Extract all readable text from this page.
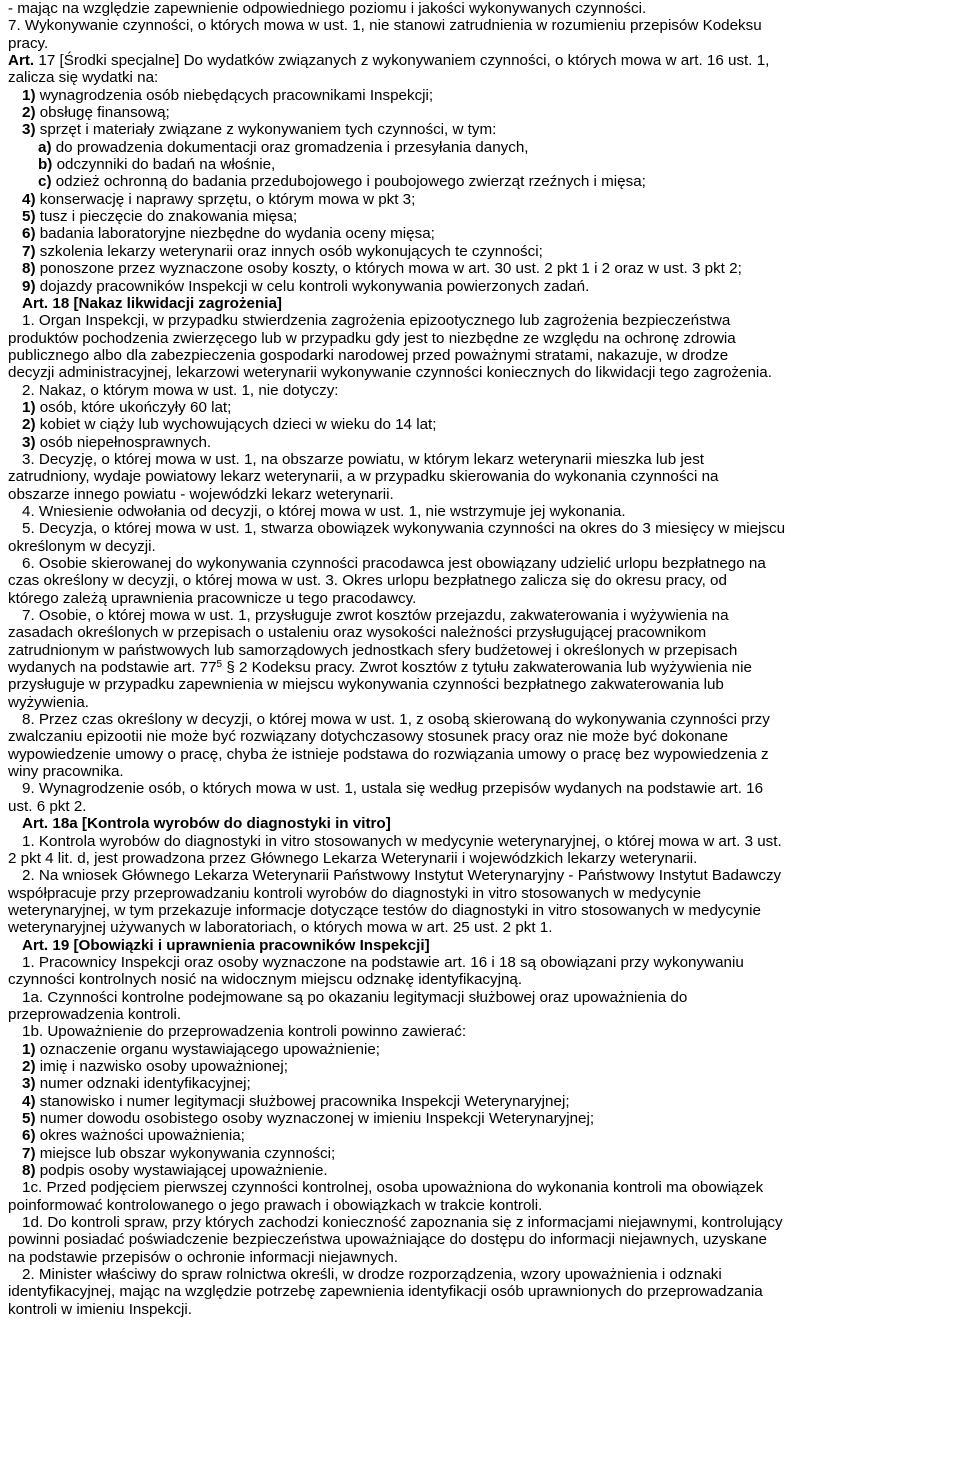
- mając na względzie zapewnienie odpowiedniego poziomu i jakości wykonywanych czynności.
7. Wykonywanie czynności, o których mowa w ust. 1, nie stanowi zatrudnienia w rozumieniu przepisów Kodeksu
pracy.
Art. 17 [Środki specjalne] Do wydatków związanych z wykonywaniem czynności, o których mowa w art. 16 ust. 1,
zalicza się wydatki na:
1) wynagrodzenia osób niebędących pracownikami Inspekcji;
2) obsługę finansową;
3) sprzęt i materiały związane z wykonywaniem tych czynności, w tym:
a) do prowadzenia dokumentacji oraz gromadzenia i przesyłania danych,
b) odczynniki do badań na włośnie,
c) odzież ochronną do badania przedubojowego i poubojowego zwierząt rzeźnych i mięsa;
4) konserwację i naprawy sprzętu, o którym mowa w pkt 3;
5) tusz i pieczęcie do znakowania mięsa;
6) badania laboratoryjne niezbędne do wydania oceny mięsa;
7) szkolenia lekarzy weterynarii oraz innych osób wykonujących te czynności;
8) ponoszone przez wyznaczone osoby koszty, o których mowa w art. 30 ust. 2 pkt 1 i 2 oraz w ust. 3 pkt 2;
9) dojazdy pracowników Inspekcji w celu kontroli wykonywania powierzonych zadań.
Art. 18 [Nakaz likwidacji zagrożenia]
1. Organ Inspekcji, w przypadku stwierdzenia zagrożenia epizootycznego lub zagrożenia bezpieczeństwa
produktów pochodzenia zwierzęcego lub w przypadku gdy jest to niezbędne ze względu na ochronę zdrowia
publicznego albo dla zabezpieczenia gospodarki narodowej przed poważnymi stratami, nakazuje, w drodze
decyzji administracyjnej, lekarzowi weterynarii wykonywanie czynności koniecznych do likwidacji tego zagrożenia.
2. Nakaz, o którym mowa w ust. 1, nie dotyczy:
1) osób, które ukończyły 60 lat;
2) kobiet w ciąży lub wychowujących dzieci w wieku do 14 lat;
3) osób niepełnosprawnych.
3. Decyzję, o której mowa w ust. 1, na obszarze powiatu, w którym lekarz weterynarii mieszka lub jest
zatrudniony, wydaje powiatowy lekarz weterynarii, a w przypadku skierowania do wykonania czynności na
obszarze innego powiatu - wojewódzki lekarz weterynarii.
4. Wniesienie odwołania od decyzji, o której mowa w ust. 1, nie wstrzymuje jej wykonania.
5. Decyzja, o której mowa w ust. 1, stwarza obowiązek wykonywania czynności na okres do 3 miesięcy w miejscu
określonym w decyzji.
6. Osobie skierowanej do wykonywania czynności pracodawca jest obowiązany udzielić urlopu bezpłatnego na
czas określony w decyzji, o której mowa w ust. 3. Okres urlopu bezpłatnego zalicza się do okresu pracy, od
którego zależą uprawnienia pracownicze u tego pracodawcy.
7. Osobie, o której mowa w ust. 1, przysługuje zwrot kosztów przejazdu, zakwaterowania i wyżywienia na
zasadach określonych w przepisach o ustaleniu oraz wysokości należności przysługującej pracownikom
zatrudnionym w państwowych lub samorządowych jednostkach sfery budżetowej i określonych w przepisach
wydanych na podstawie art. $77^5$ § 2 Kodeksu pracy. Zwrot kosztów z tytułu zakwaterowania lub wyżywienia nie
przysługuje w przypadku zapewnienia w miejscu wykonywania czynności bezpłatnego zakwaterowania lub
wyżywienia.
8. Przez czas określony w decyzji, o której mowa w ust. 1, z osobą skierowaną do wykonywania czynności przy
zwalczaniu epizootii nie może być rozwiązany dotychczasowy stosunek pracy oraz nie może być dokonane
wypowiedzenie umowy o pracę, chyba że istnieje podstawa do rozwiązania umowy o pracę bez wypowiedzenia z
winy pracownika.
9. Wynagrodzenie osób, o których mowa w ust. 1, ustala się według przepisów wydanych na podstawie art. 16
ust. 6 pkt 2.
Art. 18a [Kontrola wyrobów do diagnostyki in vitro]
1. Kontrola wyrobów do diagnostyki in vitro stosowanych w medycynie weterynaryjnej, o której mowa w art. 3 ust.
2 pkt 4 lit. d, jest prowadzona przez Głównego Lekarza Weterynarii i wojewódzkich lekarzy weterynarii.
2. Na wniosek Głównego Lekarza Weterynarii Państwowy Instytut Weterynaryjny - Państwowy Instytut Badawczy
współpracuje przy przeprowadzaniu kontroli wyrobów do diagnostyki in vitro stosowanych w medycynie
weterynaryjnej, w tym przekazuje informacje dotyczące testów do diagnostyki in vitro stosowanych w medycynie
weterynaryjnej używanych w laboratoriach, o których mowa w art. 25 ust. 2 pkt 1.
Art. 19 [Obowiązki i uprawnienia pracowników Inspekcji]
1. Pracownicy Inspekcji oraz osoby wyznaczone na podstawie art. 16 i 18 są obowiązani przy wykonywaniu
czynności kontrolnych nosić na widocznym miejscu odznakę identyfikacyjną.
1a. Czynności kontrolne podejmowane są po okazaniu legitymacji służbowej oraz upoważnienia do
przeprowadzenia kontroli.
1b. Upoważnienie do przeprowadzenia kontroli powinno zawierać:
1) oznaczenie organu wystawiającego upoważnienie;
2) imię i nazwisko osoby upoważnionej;
3) numer odznaki identyfikacyjnej;
4) stanowisko i numer legitymacji służbowej pracownika Inspekcji Weterynaryjnej;
5) numer dowodu osobistego osoby wyznaczonej w imieniu Inspekcji Weterynaryjnej;
6) okres ważności upoważnienia;
7) miejsce lub obszar wykonywania czynności;
8) podpis osoby wystawiającej upoważnienie.
1c. Przed podjęciem pierwszej czynności kontrolnej, osoba upoważniona do wykonania kontroli ma obowiązek
poinformować kontrolowanego o jego prawach i obowiązkach w trakcie kontroli.
1d. Do kontroli spraw, przy których zachodzi konieczność zapoznania się z informacjami niejawnymi, kontrolujący
powinni posiadać poświadczenie bezpieczeństwa upoważniające do dostępu do informacji niejawnych, uzyskane
na podstawie przepisów o ochronie informacji niejawnych.
2. Minister właściwy do spraw rolnictwa określi, w drodze rozporządzenia, wzory upoważnienia i odznaki
identyfikacyjnej, mając na względzie potrzebę zapewnienia identyfikacji osób uprawnionych do przeprowadzania
kontroli w imieniu Inspekcji.
